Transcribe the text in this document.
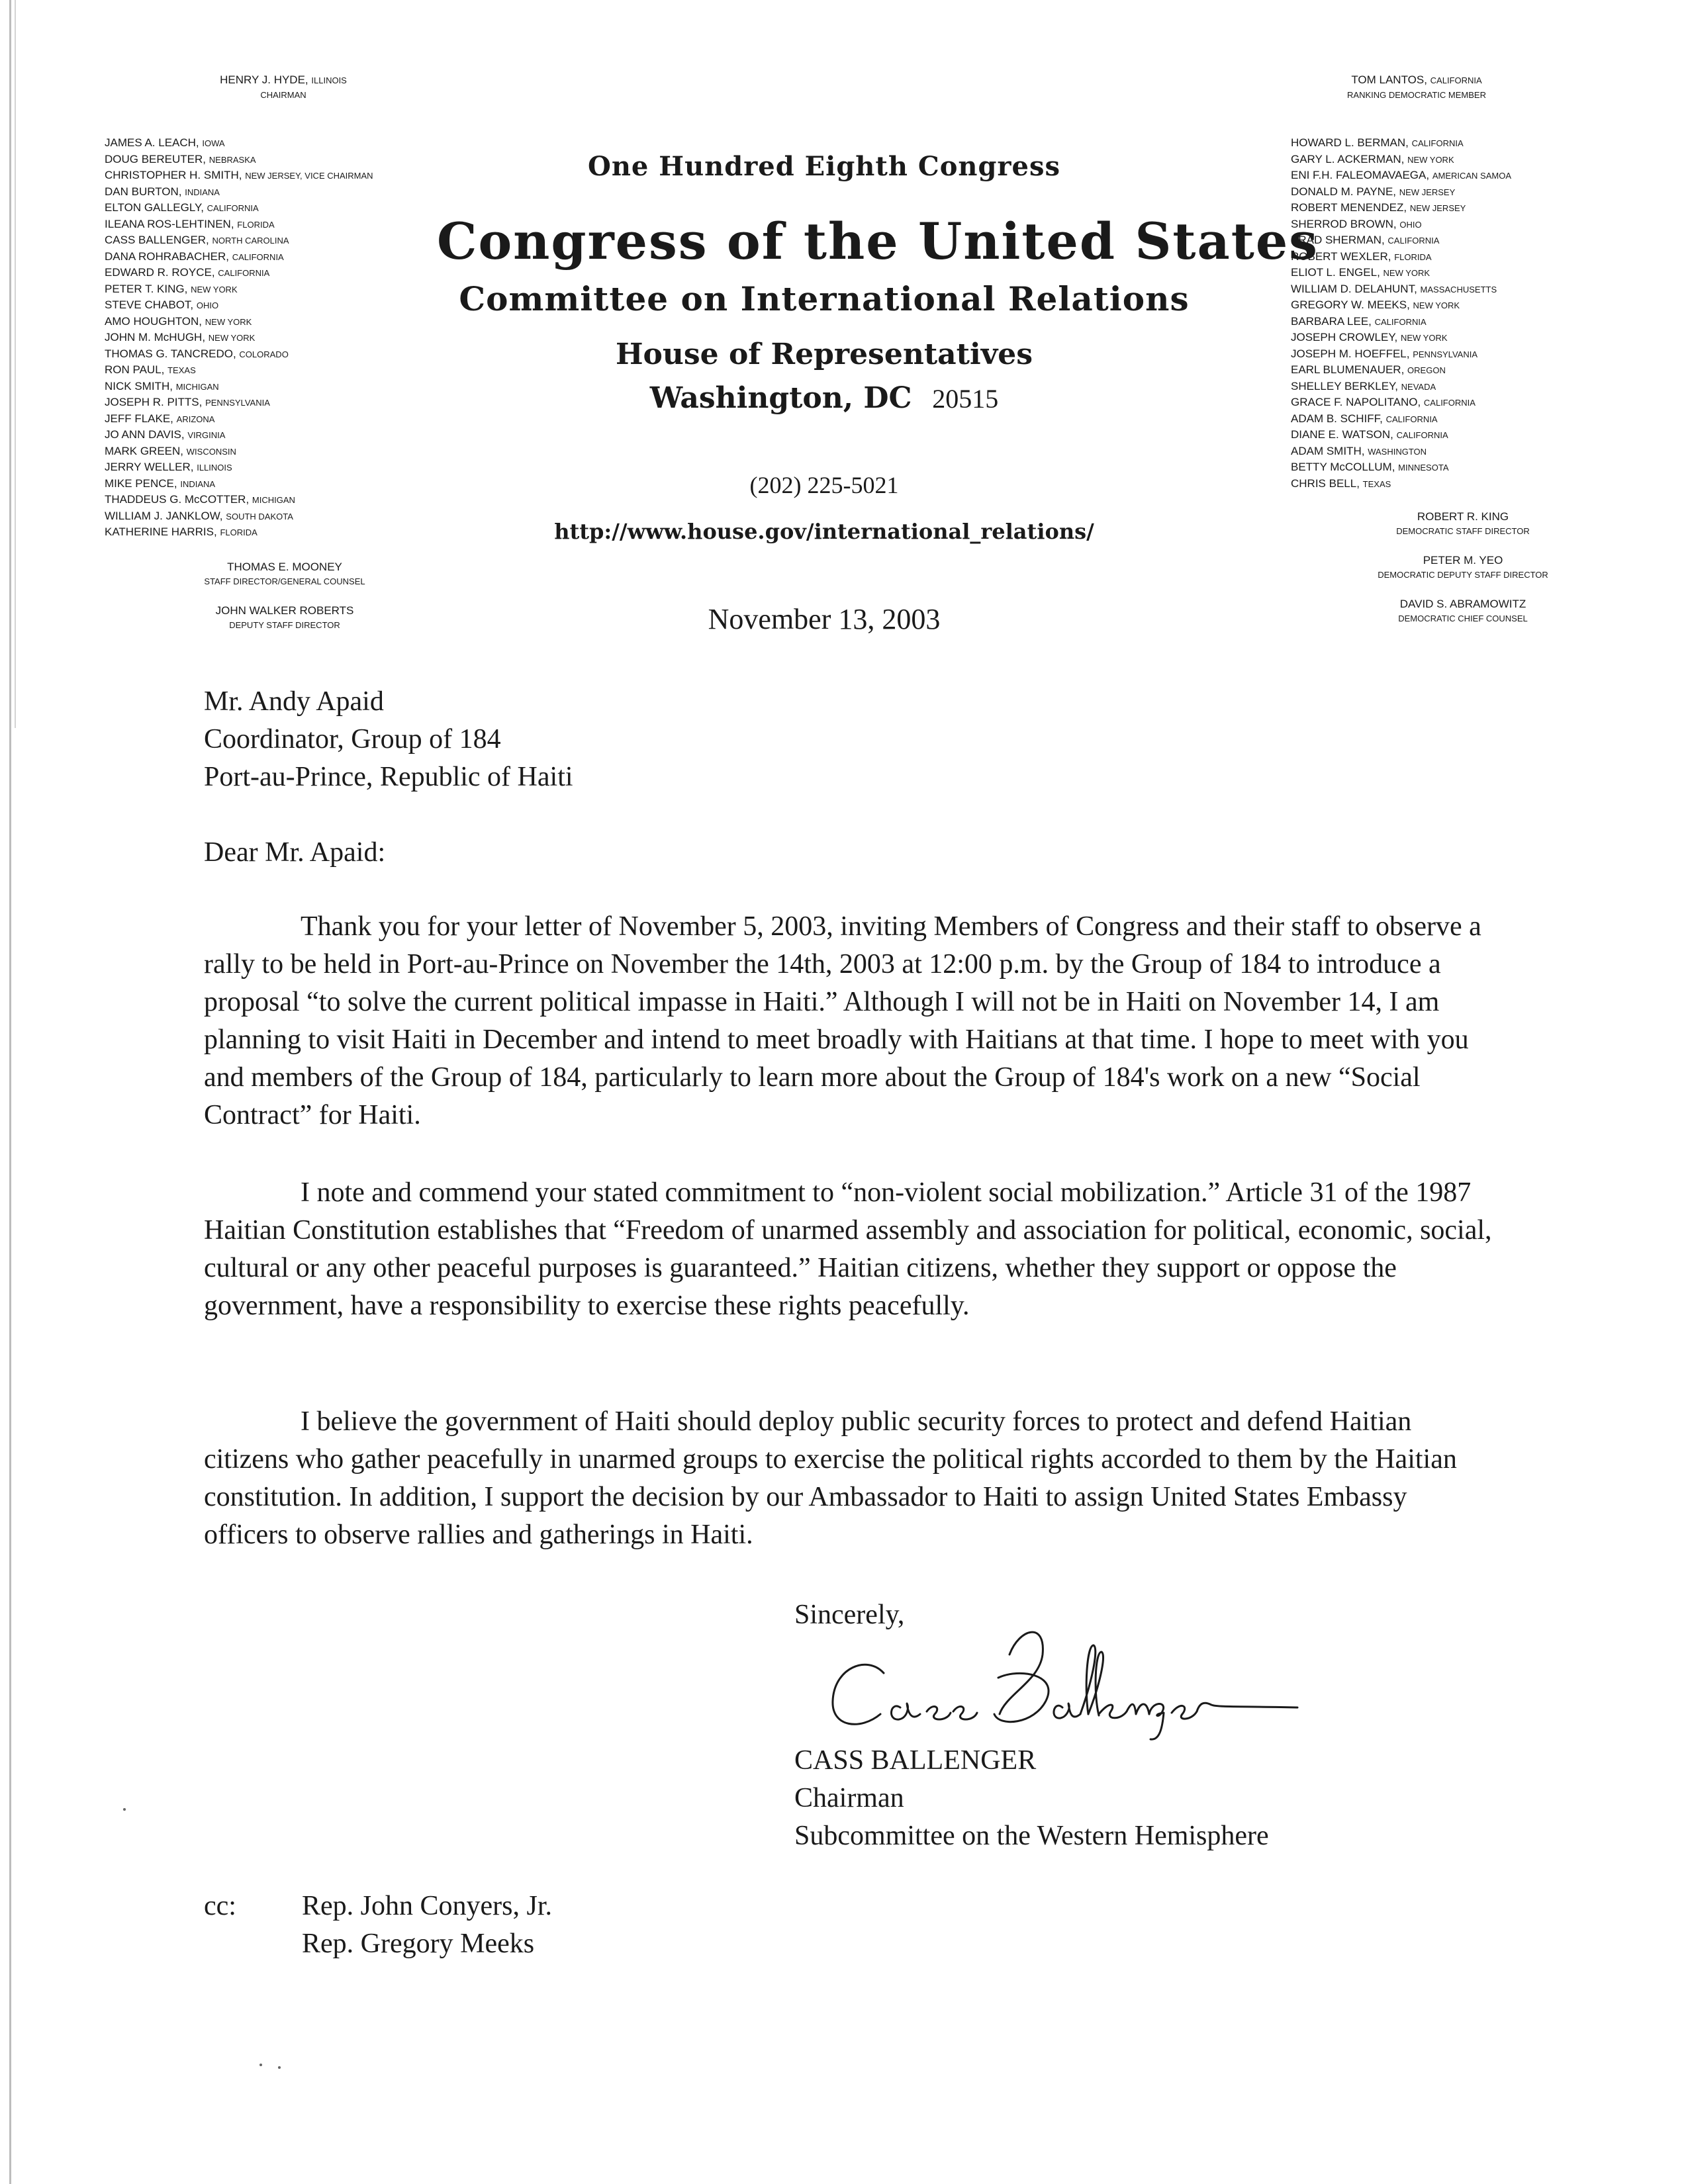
HENRY J. HYDE, ILLINOIS
CHAIRMAN
JAMES A. LEACH, IOWA
DOUG BEREUTER, NEBRASKA
CHRISTOPHER H. SMITH, NEW JERSEY, VICE CHAIRMAN
DAN BURTON, INDIANA
ELTON GALLEGLY, CALIFORNIA
ILEANA ROS-LEHTINEN, FLORIDA
CASS BALLENGER, NORTH CAROLINA
DANA ROHRABACHER, CALIFORNIA
EDWARD R. ROYCE, CALIFORNIA
PETER T. KING, NEW YORK
STEVE CHABOT, OHIO
AMO HOUGHTON, NEW YORK
JOHN M. McHUGH, NEW YORK
THOMAS G. TANCREDO, COLORADO
RON PAUL, TEXAS
NICK SMITH, MICHIGAN
JOSEPH R. PITTS, PENNSYLVANIA
JEFF FLAKE, ARIZONA
JO ANN DAVIS, VIRGINIA
MARK GREEN, WISCONSIN
JERRY WELLER, ILLINOIS
MIKE PENCE, INDIANA
THADDEUS G. McCOTTER, MICHIGAN
WILLIAM J. JANKLOW, SOUTH DAKOTA
KATHERINE HARRIS, FLORIDA
THOMAS E. MOONEY
STAFF DIRECTOR/GENERAL COUNSEL
JOHN WALKER ROBERTS
DEPUTY STAFF DIRECTOR
TOM LANTOS, CALIFORNIA
RANKING DEMOCRATIC MEMBER
HOWARD L. BERMAN, CALIFORNIA
GARY L. ACKERMAN, NEW YORK
ENI F.H. FALEOMAVAEGA, AMERICAN SAMOA
DONALD M. PAYNE, NEW JERSEY
ROBERT MENENDEZ, NEW JERSEY
SHERROD BROWN, OHIO
BRAD SHERMAN, CALIFORNIA
ROBERT WEXLER, FLORIDA
ELIOT L. ENGEL, NEW YORK
WILLIAM D. DELAHUNT, MASSACHUSETTS
GREGORY W. MEEKS, NEW YORK
BARBARA LEE, CALIFORNIA
JOSEPH CROWLEY, NEW YORK
JOSEPH M. HOEFFEL, PENNSYLVANIA
EARL BLUMENAUER, OREGON
SHELLEY BERKLEY, NEVADA
GRACE F. NAPOLITANO, CALIFORNIA
ADAM B. SCHIFF, CALIFORNIA
DIANE E. WATSON, CALIFORNIA
ADAM SMITH, WASHINGTON
BETTY McCOLLUM, MINNESOTA
CHRIS BELL, TEXAS
ROBERT R. KING
DEMOCRATIC STAFF DIRECTOR
PETER M. YEO
DEMOCRATIC DEPUTY STAFF DIRECTOR
DAVID S. ABRAMOWITZ
DEMOCRATIC CHIEF COUNSEL
One Hundred Eighth Congress
Congress of the United States
Committee on International Relations
House of Representatives
Washington, DC 20515
(202) 225-5021
http://www.house.gov/international_relations/
November 13, 2003
Mr. Andy Apaid
Coordinator, Group of 184
Port-au-Prince, Republic of Haiti
Dear Mr. Apaid:

Thank you for your letter of November 5, 2003, inviting Members of Congress and their staff to observe a rally to be held in Port-au-Prince on November the 14th, 2003 at 12:00 p.m. by the Group of 184 to introduce a proposal “to solve the current political impasse in Haiti.” Although I will not be in Haiti on November 14, I am planning to visit Haiti in December and intend to meet broadly with Haitians at that time. I hope to meet with you and members of the Group of 184, particularly to learn more about the Group of 184's work on a new “Social Contract” for Haiti.

I note and commend your stated commitment to “non-violent social mobilization.” Article 31 of the 1987 Haitian Constitution establishes that “Freedom of unarmed assembly and association for political, economic, social, cultural or any other peaceful purposes is guaranteed.” Haitian citizens, whether they support or oppose the government, have a responsibility to exercise these rights peacefully.

I believe the government of Haiti should deploy public security forces to protect and defend Haitian citizens who gather peacefully in unarmed groups to exercise the political rights accorded to them by the Haitian constitution. In addition, I support the decision by our Ambassador to Haiti to assign United States Embassy officers to observe rallies and gatherings in Haiti.

Sincerely,
CASS BALLENGER
Chairman
Subcommittee on the Western Hemisphere
cc: Rep. John Conyers, Jr.
Rep. Gregory Meeks
